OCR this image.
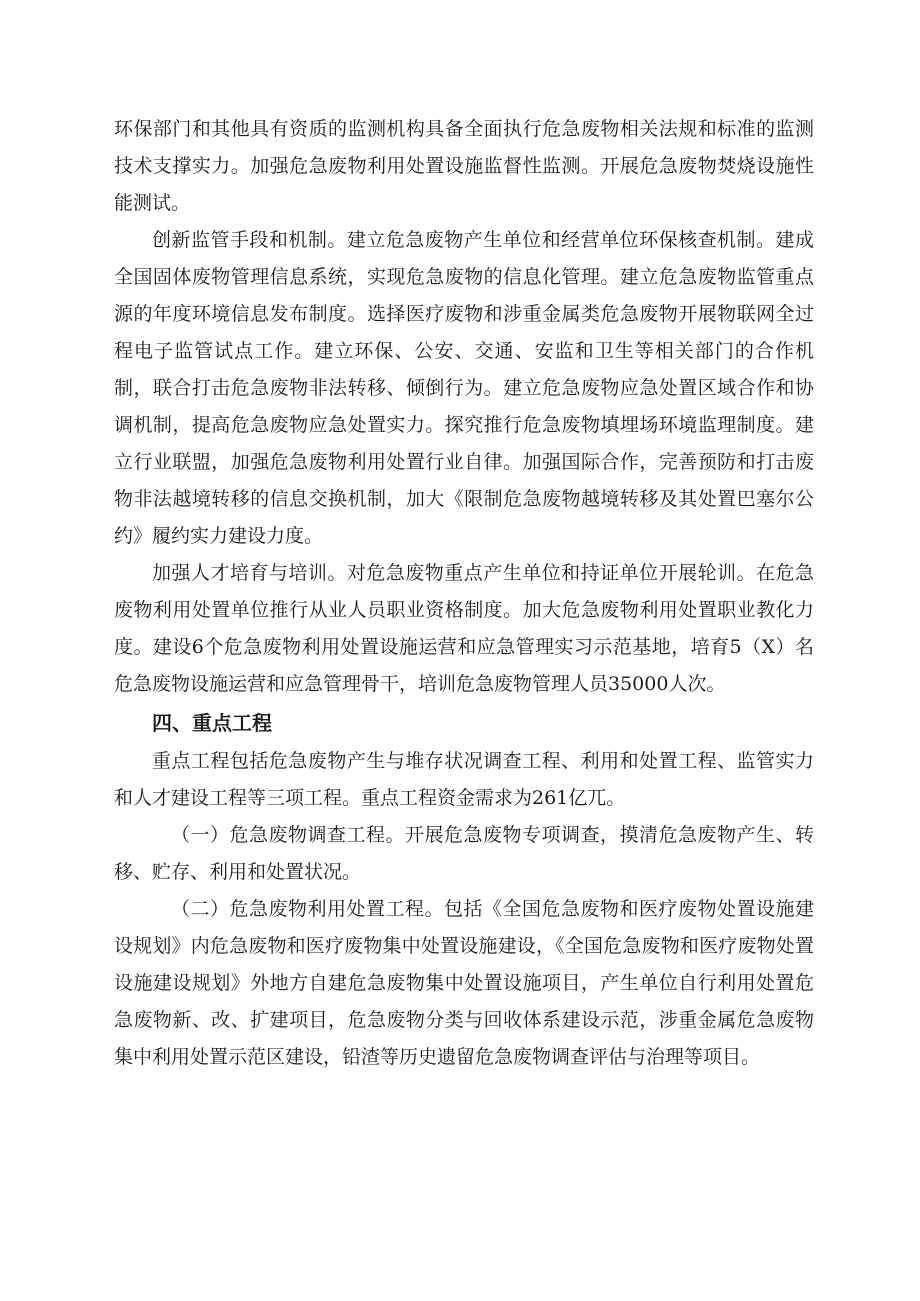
环保部门和其他具有资质的监测机构具备全面执行危急废物相关法规和标准的监测技术支撑实力。加强危急废物利用处置设施监督性监测。开展危急废物焚烧设施性能测试。

创新监管手段和机制。建立危急废物产生单位和经营单位环保核查机制。建成全国固体废物管理信息系统，实现危急废物的信息化管理。建立危急废物监管重点源的年度环境信息发布制度。选择医疗废物和涉重金属类危急废物开展物联网全过程电子监管试点工作。建立环保、公安、交通、安监和卫生等相关部门的合作机制，联合打击危急废物非法转移、倾倒行为。建立危急废物应急处置区域合作和协调机制，提高危急废物应急处置实力。探究推行危急废物填埋场环境监理制度。建立行业联盟，加强危急废物利用处置行业自律。加强国际合作，完善预防和打击废物非法越境转移的信息交换机制，加大《限制危急废物越境转移及其处置巴塞尔公约》履约实力建设力度。

加强人才培育与培训。对危急废物重点产生单位和持证单位开展轮训。在危急废物利用处置单位推行从业人员职业资格制度。加大危急废物利用处置职业教化力度。建设6个危急废物利用处置设施运营和应急管理实习示范基地，培育5（X）名危急废物设施运营和应急管理骨干，培训危急废物管理人员35000人次。

四、重点工程

重点工程包括危急废物产生与堆存状况调查工程、利用和处置工程、监管实力和人才建设工程等三项工程。重点工程资金需求为261亿兀。

（一）危急废物调查工程。开展危急废物专项调查，摸清危急废物产生、转移、贮存、利用和处置状况。

（二）危急废物利用处置工程。包括《全国危急废物和医疗废物处置设施建设规划》内危急废物和医疗废物集中处置设施建设，《全国危急废物和医疗废物处置设施建设规划》外地方自建危急废物集中处置设施项目，产生单位自行利用处置危急废物新、改、扩建项目，危急废物分类与回收体系建设示范，涉重金属危急废物集中利用处置示范区建设，铅渣等历史遗留危急废物调查评估与治理等项目。
